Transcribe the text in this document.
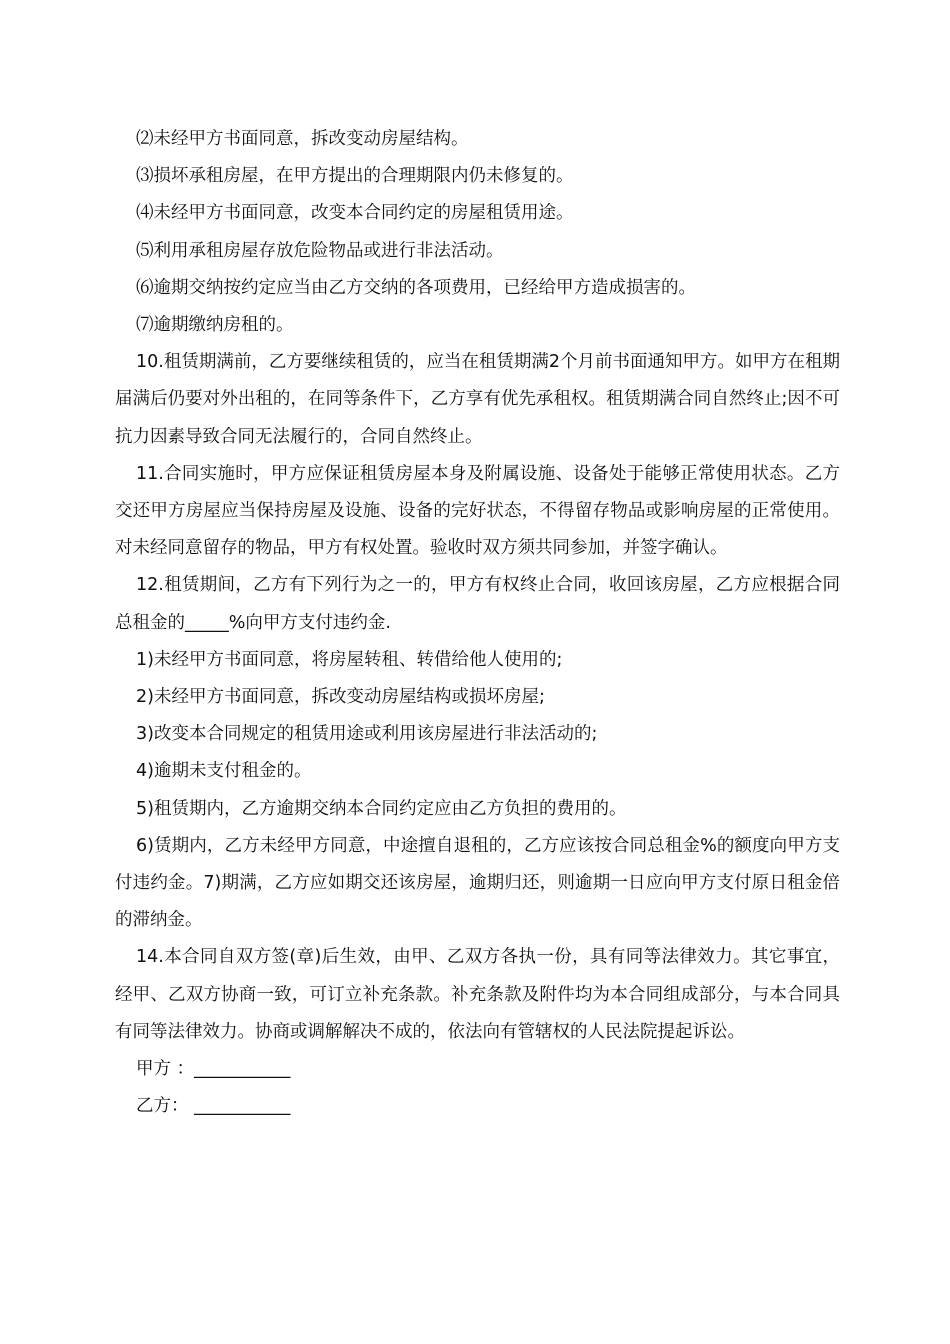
⑵未经甲方书面同意，拆改变动房屋结构。

⑶损坏承租房屋，在甲方提出的合理期限内仍未修复的。

⑷未经甲方书面同意，改变本合同约定的房屋租赁用途。

⑸利用承租房屋存放危险物品或进行非法活动。

⑹逾期交纳按约定应当由乙方交纳的各项费用，已经给甲方造成损害的。

⑺逾期缴纳房租的。

10.租赁期满前，乙方要继续租赁的，应当在租赁期满2个月前书面通知甲方。如甲方在租期届满后仍要对外出租的，在同等条件下，乙方享有优先承租权。租赁期满合同自然终止;因不可抗力因素导致合同无法履行的，合同自然终止。

11.合同实施时，甲方应保证租赁房屋本身及附属设施、设备处于能够正常使用状态。乙方交还甲方房屋应当保持房屋及设施、设备的完好状态，不得留存物品或影响房屋的正常使用。对未经同意留存的物品，甲方有权处置。验收时双方须共同参加，并签字确认。

12.租赁期间，乙方有下列行为之一的，甲方有权终止合同，收回该房屋，乙方应根据合同总租金的_____%向甲方支付违约金.

1)未经甲方书面同意，将房屋转租、转借给他人使用的;

2)未经甲方书面同意，拆改变动房屋结构或损坏房屋;

3)改变本合同规定的租赁用途或利用该房屋进行非法活动的;

4)逾期未支付租金的。

5)租赁期内，乙方逾期交纳本合同约定应由乙方负担的费用的。

6)赁期内，乙方未经甲方同意，中途擅自退租的，乙方应该按合同总租金%的额度向甲方支付违约金。7)期满，乙方应如期交还该房屋，逾期归还，则逾期一日应向甲方支付原日租金倍的滞纳金。

14.本合同自双方签(章)后生效，由甲、乙双方各执一份，具有同等法律效力。其它事宜，经甲、乙双方协商一致，可订立补充条款。补充条款及附件均为本合同组成部分，与本合同具有同等法律效力。协商或调解解决不成的，依法向有管辖权的人民法院提起诉讼。

甲方 ：___________

乙方： ___________
